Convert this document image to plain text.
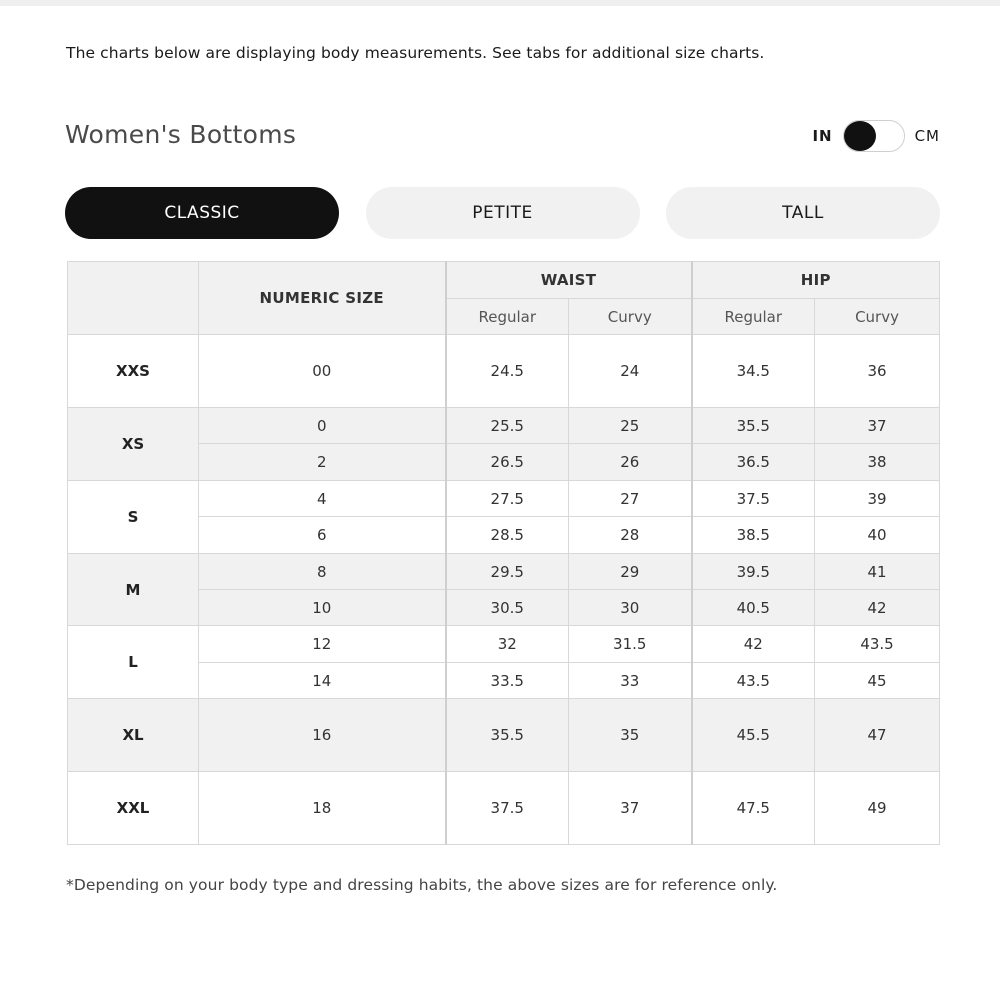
The charts below are displaying body measurements. See tabs for additional size charts.
Women's Bottoms	IN	CM
CLASSIC	PETITE	TALL
	NUMERIC SIZE	WAIST		HIP	
		Regular	Curvy	Regular	Curvy
XXS	00	24.5	24	34.5	36
XS	0	25.5	25	35.5	37
	2	26.5	26	36.5	38
S	4	27.5	27	37.5	39
	6	28.5	28	38.5	40
M	8	29.5	29	39.5	41
	10	30.5	30	40.5	42
L	12	32	31.5	42	43.5
	14	33.5	33	43.5	45
XL	16	35.5	35	45.5	47
XXL	18	37.5	37	47.5	49
*Depending on your body type and dressing habits, the above sizes are for reference only.
